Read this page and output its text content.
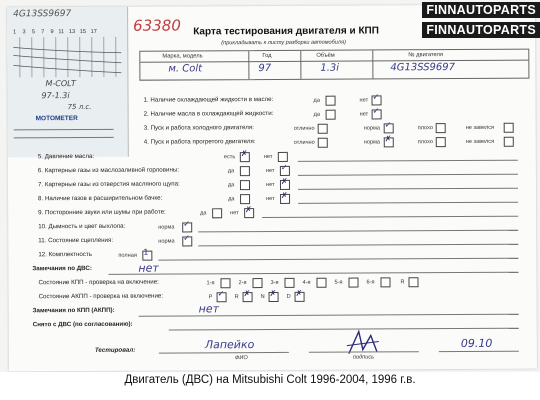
4G13SS9697
1 3 5 7 9 11 13 15 17
M-COLT
97-1.3i
75 л.с.
MOTOMETER
63380 Карта тестирования двигателя и КПП
(прикладывать к листу разборки автомобиля)
Марка, модель	Год	Объём	№ двигателя
м. Colt	97	1.3i	4G13SS9697
1. Наличие охлаждающей жидкости в масле:	да	нет ✓
2. Наличие масла в охлаждающей жидкости:	да	нет ✓
3. Пуск и работа холодного двигателя:	отлично	норма ✓	плохо	не завелся
4. Пуск и работа прогретого двигателя:	отлично	норма ✗	плохо	не завелся
5. Давление масла:	есть ✗	нет
6. Картерные газы из маслозаливной горловины:	да	нет ✓
7. Картерные газы из отверстия масляного щупа:	да	нет ✗
8. Наличие газов в расширительном бачке:	да	нет ✗
9. Посторонние звуки или шумы при работе:	да	нет ✗
10. Дымность и цвет выхлопа:	норма ✓
11. Состояние сцепления:	норма ✓
12. Комплектность	полная 1
Замечания по ДВС:	нет
Состояние КПП - проверка на включение:	1-я	2-я	3-я	4-я	5-я	6-я	R
Состояние АКПП - проверка на включение:	P ✓ R ✗ N ✗ D ✗
Замечания по КПП (АКПП):	нет
Снято с ДВС (по согласованию):
Тестировал:	Лапейко
ФИО	подпись
09.10
FINNAUTOPARTS
FINNAUTOPARTS
Двигатель (ДВС) на Mitsubishi Colt 1996-2004, 1996 г.в.
